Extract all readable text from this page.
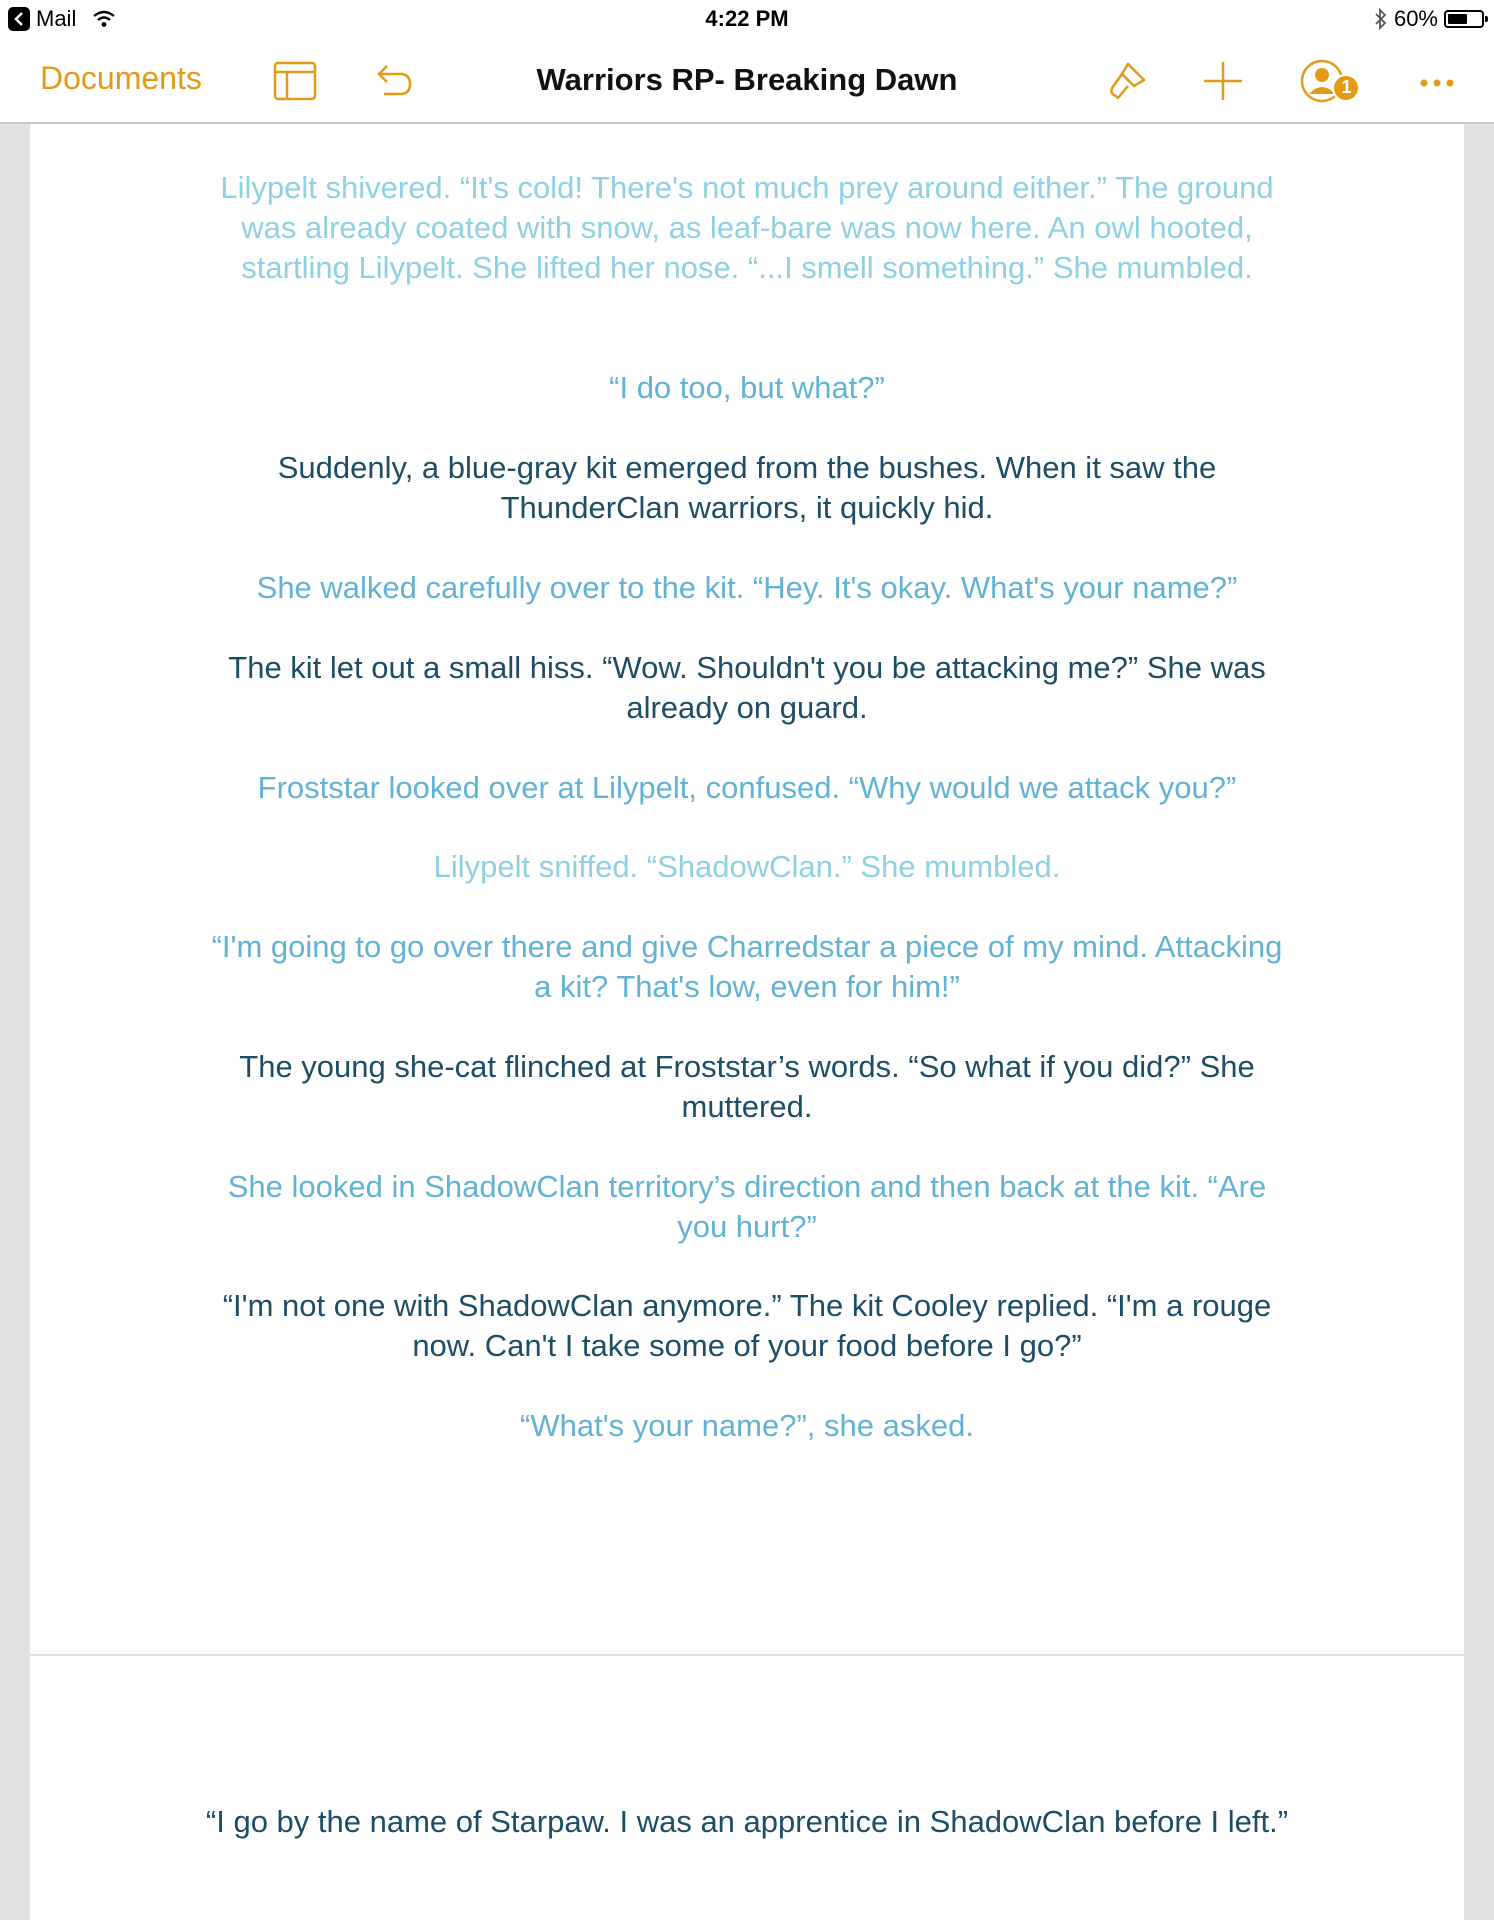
Mail	4:22 PM	60%
Documents	Warriors RP- Breaking Dawn	1

Lilypelt shivered. “It's cold! There's not much prey around either.” The ground was already coated with snow, as leaf-bare was now here. An owl hooted, startling Lilypelt. She lifted her nose. “...I smell something.” She mumbled.

“I do too, but what?”

Suddenly, a blue-gray kit emerged from the bushes. When it saw the ThunderClan warriors, it quickly hid.

She walked carefully over to the kit. “Hey. It's okay. What's your name?”

The kit let out a small hiss. “Wow. Shouldn't you be attacking me?” She was already on guard.

Froststar looked over at Lilypelt, confused. “Why would we attack you?”

Lilypelt sniffed. “ShadowClan.” She mumbled.

“I'm going to go over there and give Charredstar a piece of my mind. Attacking a kit? That's low, even for him!”

The young she-cat flinched at Froststar’s words. “So what if you did?” She muttered.

She looked in ShadowClan territory’s direction and then back at the kit. “Are you hurt?”

“I'm not one with ShadowClan anymore.” The kit Cooley replied. “I'm a rouge now. Can't I take some of your food before I go?”

“What's your name?”, she asked.

“I go by the name of Starpaw. I was an apprentice in ShadowClan before I left.”
